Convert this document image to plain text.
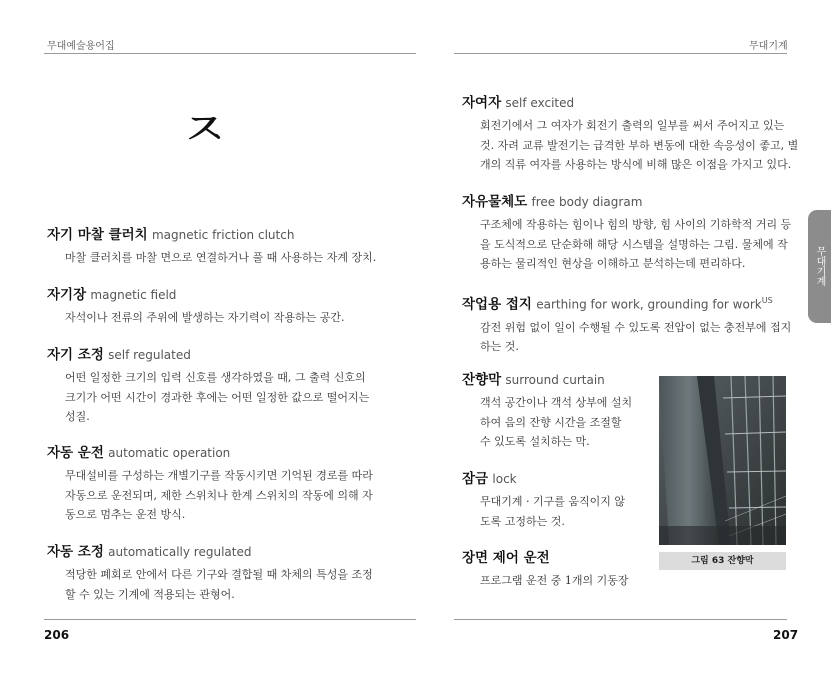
무대예술용어집	무대기계
ㅈ
자기 마찰 클러치 magnetic friction clutch
마찰 클러치를 마찰 면으로 연결하거나 풀 때 사용하는 자계 장치.
자기장 magnetic field
자석이나 전류의 주위에 발생하는 자기력이 작용하는 공간.
자기 조정 self regulated
어떤 일정한 크기의 입력 신호를 생각하였을 때, 그 출력 신호의
크기가 어떤 시간이 경과한 후에는 어떤 일정한 값으로 떨어지는
성질.
자동 운전 automatic operation
무대설비를 구성하는 개별기구를 작동시키면 기억된 경로를 따라
자동으로 운전되며, 제한 스위치나 한계 스위치의 작동에 의해 자
동으로 멈추는 운전 방식.
자동 조정 automatically regulated
적당한 폐회로 안에서 다른 기구와 결합될 때 차체의 특성을 조정
할 수 있는 기계에 적용되는 관형어.
자여자 self excited
회전기에서 그 여자가 회전기 출력의 일부를 써서 주어지고 있는
것. 자려 교류 발전기는 급격한 부하 변동에 대한 속응성이 좋고, 별
개의 직류 여자를 사용하는 방식에 비해 많은 이점을 가지고 있다.
자유물체도 free body diagram
구조체에 작용하는 힘이나 힘의 방향, 힘 사이의 기하학적 거리 등
을 도식적으로 단순화해 해당 시스템을 설명하는 그림. 물체에 작
용하는 물리적인 현상을 이해하고 분석하는데 편리하다.
작업용 접지 earthing for work, grounding for work$^{US}$
감전 위험 없이 일이 수행될 수 있도록 전압이 없는 충전부에 접지
하는 것.
잔향막 surround curtain
객석 공간이나 객석 상부에 설치
하여 음의 잔향 시간을 조절할
수 있도록 설치하는 막.
잠금 lock
무대기계 · 기구를 움직이지 않
도록 고정하는 것.
장면 제어 운전
프로그램 운전 중 1개의 기동장
그림 63 잔향막
무대기계
206	207
